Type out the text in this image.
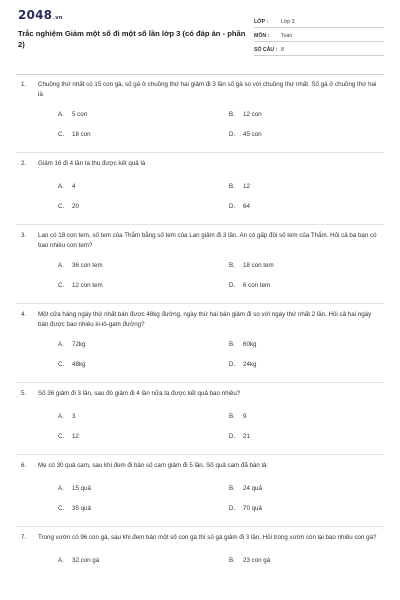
2048.vn
Trắc nghiệm Giảm một số đi một số lần lớp 3 (có đáp án - phần 2)
LỚP : Lớp 3
MÔN : Toán
SỐ CÂU : 8
1. Chuồng thứ nhất có 15 con gà, số gà ở chuồng thứ hai giảm đi 3 lần số gà so với chuồng thứ nhất. Số gà ở chuồng thứ hai là
A. 5 con	B. 12 con
C. 18 con	D. 45 con
2. Giảm 16 đi 4 lần ta thu được kết quả là
A. 4	B. 12
C. 20	D. 64
3. Lan có 18 con tem, số tem của Thắm bằng số tem của Lan giảm đi 3 lần. An có gấp đôi số tem của Thắm. Hỏi cả ba bạn có bao nhiêu con tem?
A. 36 con tem	B. 18 con tem
C. 12 con tem	D. 6 con tem
4. Một cửa hàng ngày thứ nhất bán được 48kg đường, ngày thứ hai bán giảm đi so với ngày thứ nhất 2 lần. Hỏi cả hai ngày bán được bao nhiêu ki-lô-gam đường?
A. 72kg	B. 60kg
C. 48kg	D. 24kg
5. Số 36 giảm đi 3 lần, sau đó giảm đi 4 lần nữa ta được kết quả bao nhiêu?
A. 3	B. 9
C. 12	D. 21
6. Mẹ có 30 quả cam, sau khi đem đi bán số cam giảm đi 5 lần. Số quả cam đã bán là:
A. 15 quả	B. 24 quả
C. 35 quả	D. 70 quả
7. Trong vườn có 96 con gà, sau khi đem bán một số con gà thì số gà giảm đi 3 lần. Hỏi trong vườn còn lại bao nhiêu con gà?
A. 32 con gà	B. 23 con gà
